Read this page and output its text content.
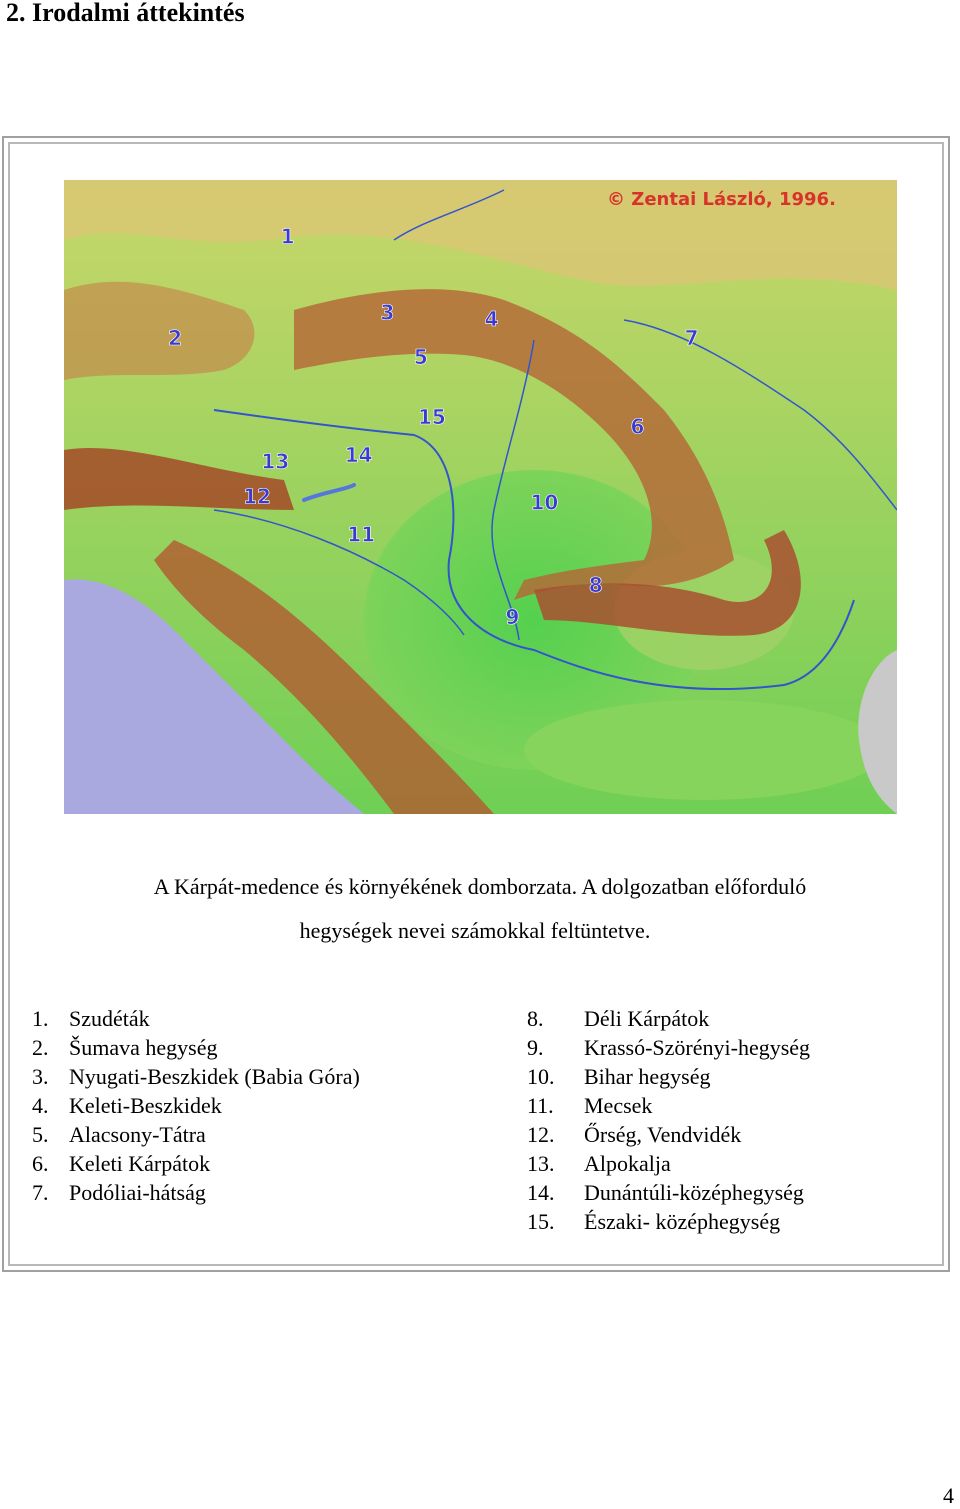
2. Irodalmi áttekintés
1
2
3	4
5
6
7
8
9
10
11
12
13	14
15
© Zentai László, 1996.
A Kárpát-medence és környékének domborzata. A dolgozatban előforduló
hegységek nevei számokkal feltüntetve.
1. Szudéták
2. Šumava hegység
3. Nyugati-Beszkidek (Babia Góra)
4. Keleti-Beszkidek
5. Alacsony-Tátra
6. Keleti Kárpátok
7. Podóliai-hátság
8.	Déli Kárpátok
9.	Krassó-Szörényi-hegység
10.	Bihar hegység
11.	Mecsek
12.	Őrség, Vendvidék
13.	Alpokalja
14.	Dunántúli-középhegység
15.	Északi- középhegység
4
